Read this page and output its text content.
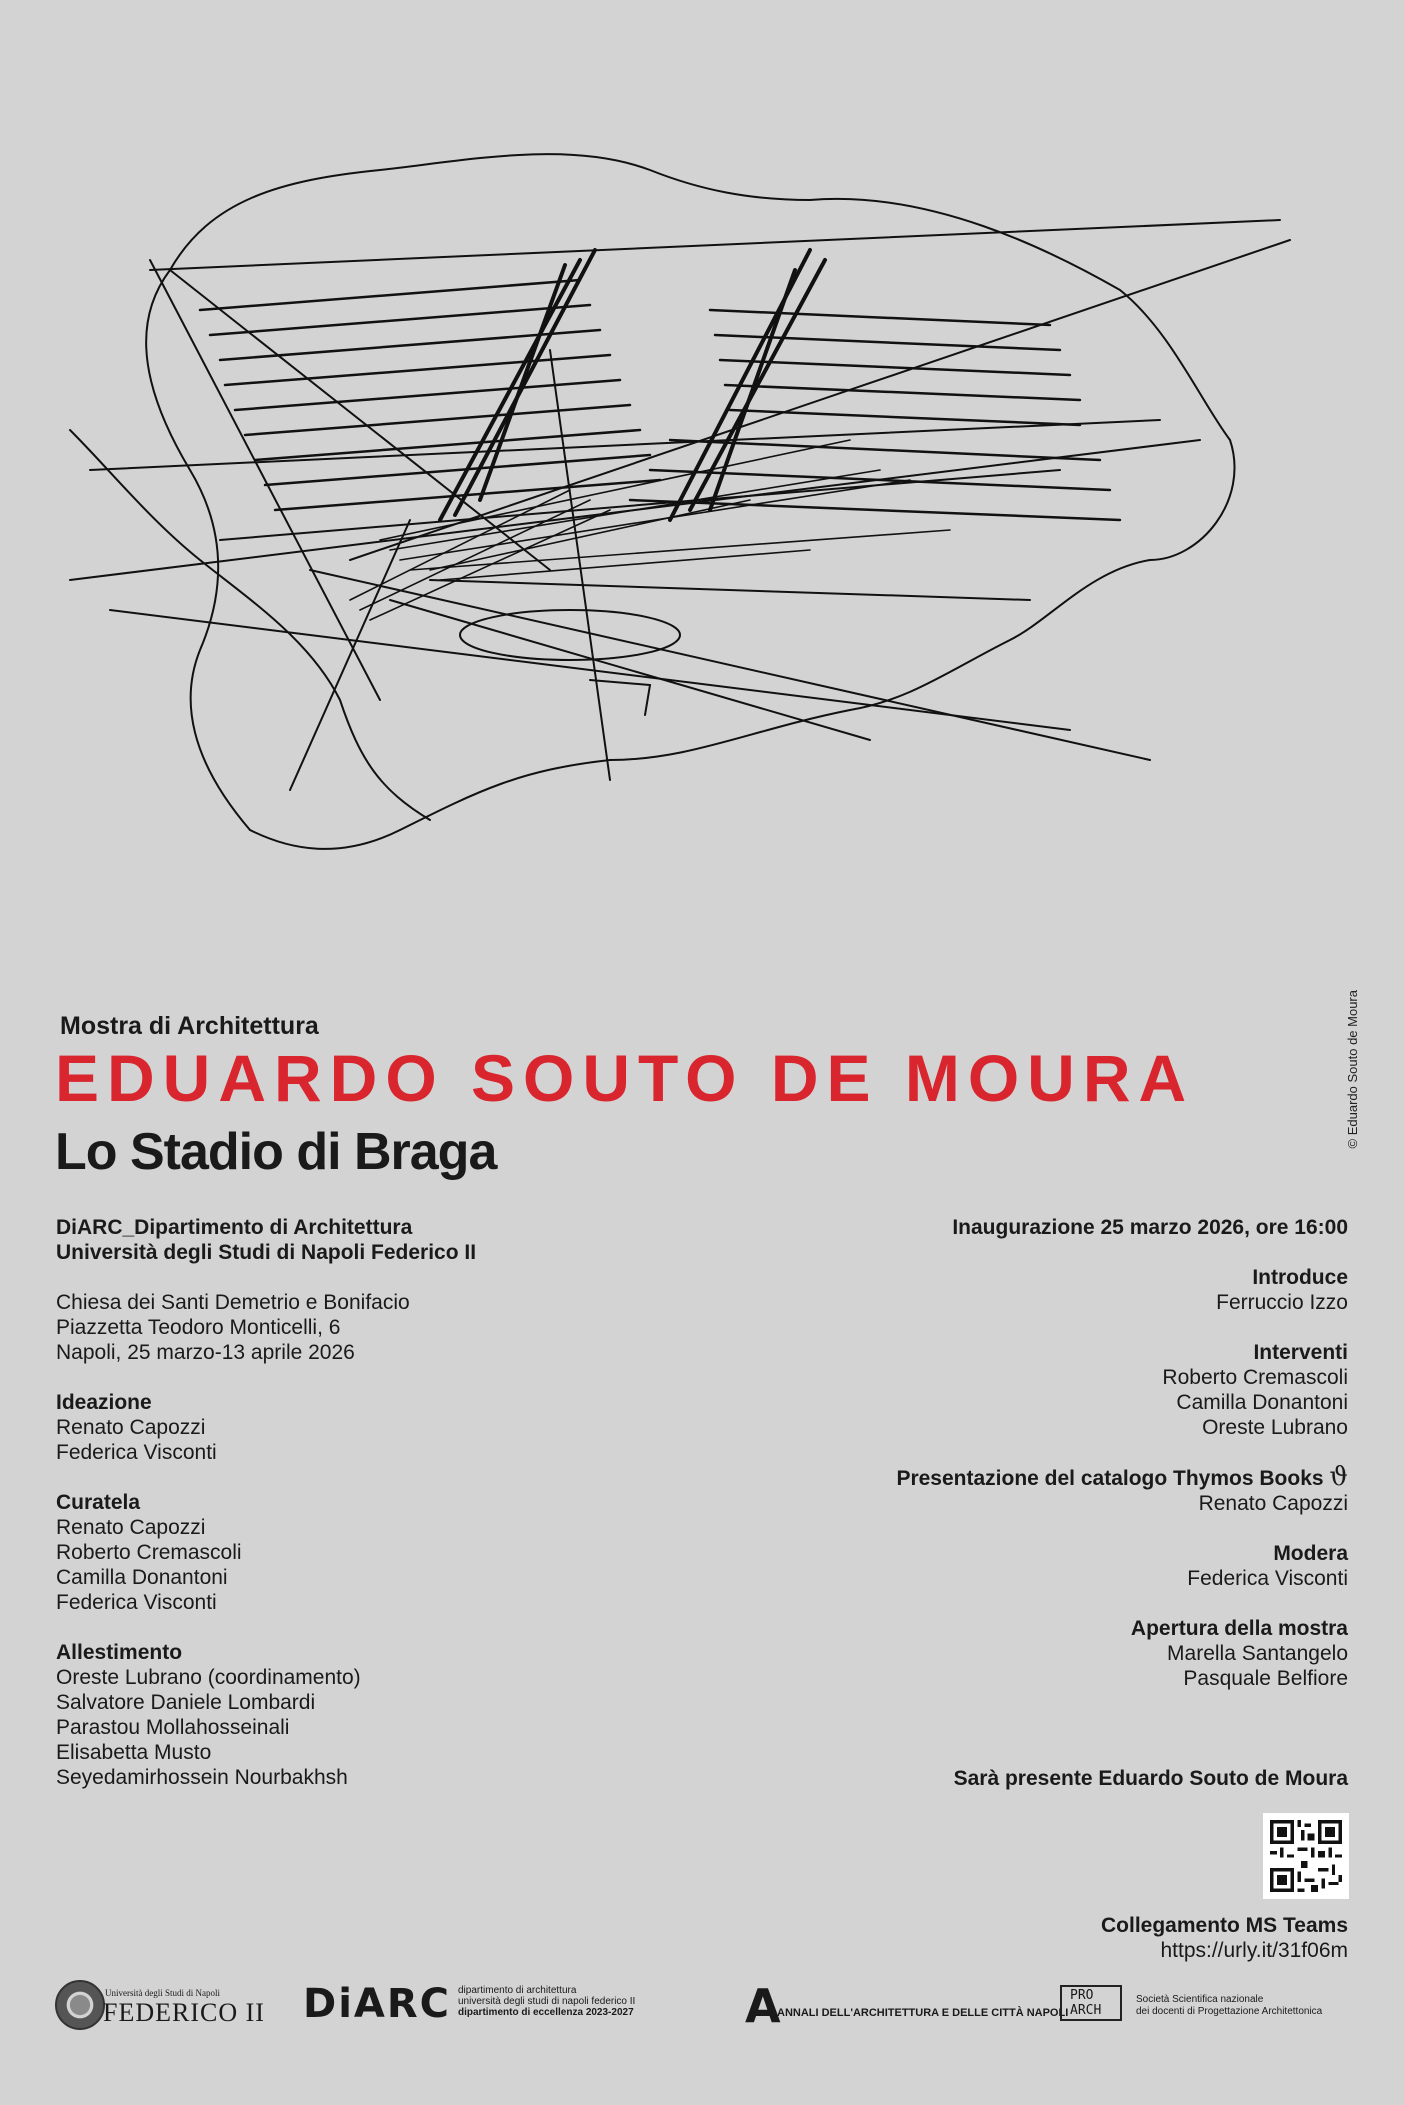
© Eduardo Souto de Moura
Mostra di Architettura
EDUARDO SOUTO DE MOURA
Lo Stadio di Braga
DiARC_Dipartimento di Architettura
Università degli Studi di Napoli Federico II
Chiesa dei Santi Demetrio e Bonifacio
Piazzetta Teodoro Monticelli, 6
Napoli, 25 marzo-13 aprile 2026
Ideazione
Renato Capozzi
Federica Visconti
Curatela
Renato Capozzi
Roberto Cremascoli
Camilla Donantoni
Federica Visconti
Allestimento
Oreste Lubrano (coordinamento)
Salvatore Daniele Lombardi
Parastou Mollahosseinali
Elisabetta Musto
Seyedamirhossein Nourbakhsh
Inaugurazione 25 marzo 2026, ore 16:00
Introduce
Ferruccio Izzo
Interventi
Roberto Cremascoli
Camilla Donantoni
Oreste Lubrano
Presentazione del catalogo Thymos Books ϑ
Renato Capozzi
Modera
Federica Visconti
Apertura della mostra
Marella Santangelo
Pasquale Belfiore
Sarà presente Eduardo Souto de Moura
Collegamento MS Teams
https://urly.it/31f06m
Università degli Studi di Napoli
FEDERICO II DiARC dipartimento di architettura
università degli studi di napoli federico II
dipartimento di eccellenza 2023-2027 A
ANNALI DELL'ARCHITETTURA E DELLE CITTÀ NAPOLI
PRO
ARCH
Società Scientifica nazionale
dei docenti di Progettazione Architettonica
